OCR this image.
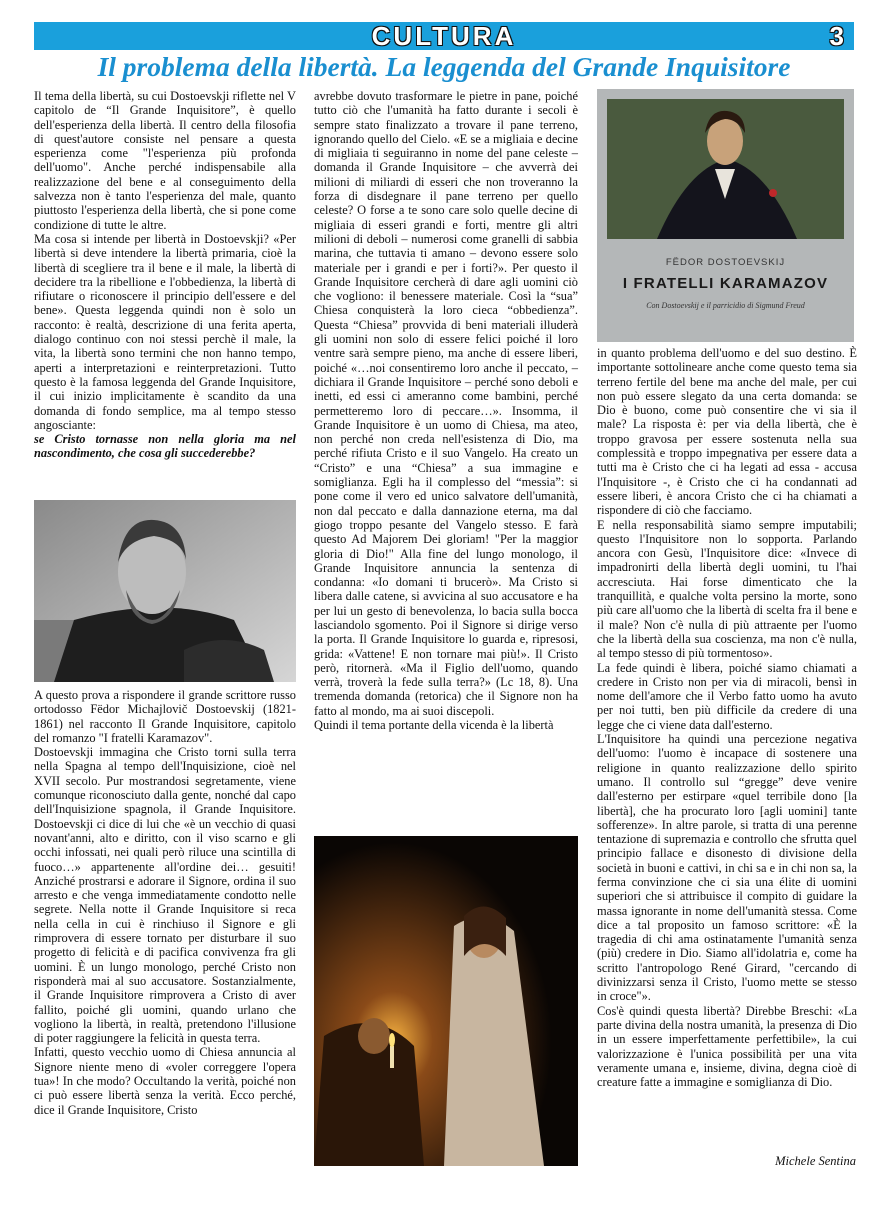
CULTURA	3
Il problema della libertà. La leggenda del Grande Inquisitore

Il tema della libertà, su cui Dostoevskji riflette nel V capitolo de “Il Grande Inquisitore”, è quello dell'esperienza della libertà. Il centro della filosofia di quest'autore consiste nel pensare a questa esperienza come "l'esperienza più profonda dell'uomo". Anche perché indispensabile alla realizzazione del bene e al conseguimento della salvezza non è tanto l'esperienza del male, quanto piuttosto l'esperienza della libertà, che si pone come condizione di tutte le altre.

Ma cosa si intende per libertà in Dostoevskji? «Per libertà si deve intendere la libertà primaria, cioè la libertà di scegliere tra il bene e il male, la libertà di decidere tra la ribellione e l'obbedienza, la libertà di rifiutare o riconoscere il principio dell'essere e del bene». Questa leggenda quindi non è solo un racconto: è realtà, descrizione di una ferita aperta, dialogo continuo con noi stessi perchè il male, la vita, la libertà sono termini che non hanno tempo, aperti a interpretazioni e reinterpretazioni. Tutto questo è la famosa leggenda del Grande Inquisitore, il cui inizio implicitamente è scandito da una domanda di fondo semplice, ma al tempo stesso angosciante:

se Cristo tornasse non nella gloria ma nel nascondimento, che cosa gli succederebbe?

A questo prova a rispondere il grande scrittore russo ortodosso Fëdor Michajlovič Dostoevskij (1821-1861) nel racconto Il Grande Inquisitore, capitolo del romanzo "I fratelli Karamazov".

Dostoevskji immagina che Cristo torni sulla terra nella Spagna al tempo dell'Inquisizione, cioè nel XVII secolo. Pur mostrandosi segretamente, viene comunque riconosciuto dalla gente, nonché dal capo dell'Inquisizione spagnola, il Grande Inquisitore. Dostoevskji ci dice di lui che «è un vecchio di quasi novant'anni, alto e diritto, con il viso scarno e gli occhi infossati, nei quali però riluce una scintilla di fuoco…» appartenente all'ordine dei… gesuiti! Anziché prostrarsi e adorare il Signore, ordina il suo arresto e che venga immediatamente condotto nelle segrete. Nella notte il Grande Inquisitore si reca nella cella in cui è rinchiuso il Signore e gli rimprovera di essere tornato per disturbare il suo progetto di felicità e di pacifica convivenza fra gli uomini. È un lungo monologo, perché Cristo non risponderà mai al suo accusatore. Sostanzialmente, il Grande Inquisitore rimprovera a Cristo di aver fallito, poiché gli uomini, quando urlano che vogliono la libertà, in realtà, pretendono l'illusione di poter raggiungere la felicità in questa terra.

Infatti, questo vecchio uomo di Chiesa annuncia al Signore niente meno di «voler correggere l'opera tua»! In che modo? Occultando la verità, poiché non ci può essere libertà senza la verità. Ecco perché, dice il Grande Inquisitore, Cristo

avrebbe dovuto trasformare le pietre in pane, poiché tutto ciò che l'umanità ha fatto durante i secoli è sempre stato finalizzato a trovare il pane terreno, ignorando quello del Cielo. «E se a migliaia e decine di migliaia ti seguiranno in nome del pane celeste – domanda il Grande Inquisitore – che avverrà dei milioni di miliardi di esseri che non troveranno la forza di disdegnare il pane terreno per quello celeste? O forse a te sono care solo quelle decine di migliaia di esseri grandi e forti, mentre gli altri milioni di deboli – numerosi come granelli di sabbia marina, che tuttavia ti amano – devono essere solo materiale per i grandi e per i forti?». Per questo il Grande Inquisitore cercherà di dare agli uomini ciò che vogliono: il benessere materiale. Così la “sua” Chiesa conquisterà la loro cieca “obbedienza”. Questa “Chiesa” provvida di beni materiali illuderà gli uomini non solo di essere felici poiché il loro ventre sarà sempre pieno, ma anche di essere liberi, poiché «…noi consentiremo loro anche il peccato, – dichiara il Grande Inquisitore – perché sono deboli e inetti, ed essi ci ameranno come bambini, perché permetteremo loro di peccare…». Insomma, il Grande Inquisitore è un uomo di Chiesa, ma ateo, non perché non creda nell'esistenza di Dio, ma perché rifiuta Cristo e il suo Vangelo. Ha creato un “Cristo” e una “Chiesa” a sua immagine e somiglianza. Egli ha il complesso del “messia”: si pone come il vero ed unico salvatore dell'umanità, non dal peccato e dalla dannazione eterna, ma dal giogo troppo pesante del Vangelo stesso. E farà questo Ad Majorem Dei gloriam! "Per la maggior gloria di Dio!" Alla fine del lungo monologo, il Grande Inquisitore annuncia la sentenza di condanna: «Io domani ti brucerò». Ma Cristo si libera dalle catene, si avvicina al suo accusatore e ha per lui un gesto di benevolenza, lo bacia sulla bocca lasciandolo sgomento. Poi il Signore si dirige verso la porta. Il Grande Inquisitore lo guarda e, ripresosi, grida: «Vattene! E non tornare mai più!». Il Cristo però, ritornerà. «Ma il Figlio dell'uomo, quando verrà, troverà la fede sulla terra?» (Lc 18, 8). Una tremenda domanda (retorica) che il Signore non ha fatto al mondo, ma ai suoi discepoli.

Quindi il tema portante della vicenda è la libertà

FËDOR DOSTOEVSKIJ
I FRATELLI KARAMAZOV
Con Dostoevskij e il parricidio di Sigmund Freud

in quanto problema dell'uomo e del suo destino. È importante sottolineare anche come questo tema sia terreno fertile del bene ma anche del male, per cui non può essere slegato da una certa domanda: se Dio è buono, come può consentire che vi sia il male? La risposta è: per via della libertà, che è troppo gravosa per essere sostenuta nella sua complessità e troppo impegnativa per essere data a tutti ma è Cristo che ci ha legati ad essa - accusa l'Inquisitore -, è Cristo che ci ha condannati ad essere liberi, è ancora Cristo che ci ha chiamati a rispondere di ciò che facciamo.

E nella responsabilità siamo sempre imputabili; questo l'Inquisitore non lo sopporta. Parlando ancora con Gesù, l'Inquisitore dice: «Invece di impadronirti della libertà degli uomini, tu l'hai accresciuta. Hai forse dimenticato che la tranquillità, e qualche volta persino la morte, sono più care all'uomo che la libertà di scelta fra il bene e il male? Non c'è nulla di più attraente per l'uomo che la libertà della sua coscienza, ma non c'è nulla, al tempo stesso di più tormentoso».

La fede quindi è libera, poiché siamo chiamati a credere in Cristo non per via di miracoli, bensì in nome dell'amore che il Verbo fatto uomo ha avuto per noi tutti, ben più difficile da credere di una legge che ci viene data dall'esterno.

L'Inquisitore ha quindi una percezione negativa dell'uomo: l'uomo è incapace di sostenere una religione in quanto realizzazione dello spirito umano. Il controllo sul “gregge” deve venire dall'esterno per estirpare «quel terribile dono [la libertà], che ha procurato loro [agli uomini] tante sofferenze». In altre parole, si tratta di una perenne tentazione di supremazia e controllo che sfrutta quel principio fallace e disonesto di divisione della società in buoni e cattivi, in chi sa e in chi non sa, la ferma convinzione che ci sia una élite di uomini superiori che si attribuisce il compito di guidare la massa ignorante in nome dell'umanità stessa. Come dice a tal proposito un famoso scrittore: «È la tragedia di chi ama ostinatamente l'umanità senza (più) credere in Dio. Siamo all'idolatria e, come ha scritto l'antropologo René Girard, "cercando di divinizzarsi senza il Cristo, l'uomo mette se stesso in croce"».

Cos'è quindi questa libertà? Direbbe Breschi: «La parte divina della nostra umanità, la presenza di Dio in un essere imperfettamente perfettibile», la cui valorizzazione è l'unica possibilità per una vita veramente umana e, insieme, divina, degna cioè di creature fatte a immagine e somiglianza di Dio.

Michele Sentina
